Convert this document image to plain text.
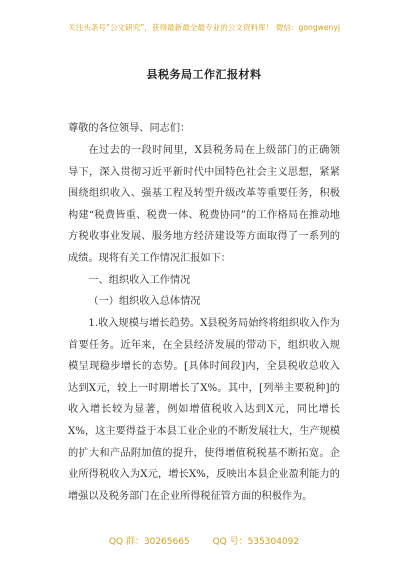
关注头条号“公文研究”，获得最新最全最专业的公文资料库！ 微信：gongwenyj
县税务局工作汇报材料
尊敬的各位领导、同志们：
在过去的一段时间里，X县税务局在上级部门的正确领导下，深入贯彻习近平新时代中国特色社会主义思想，紧紧围绕组织收入、强基工程及转型升级改革等重要任务，积极构建“税费皆重、税费一体、税费协同”的工作格局在推动地方税收事业发展、服务地方经济建设等方面取得了一系列的成绩。现将有关工作情况汇报如下：
一、组织收入工作情况
（一）组织收入总体情况
1.收入规模与增长趋势。X县税务局始终将组织收入作为首要任务。近年来，在全县经济发展的带动下，组织收入规模呈现稳步增长的态势。[具体时间段]内，全县税收总收入达到X元，较上一时期增长了X%。其中，[列举主要税种]的收入增长较为显著，例如增值税收入达到X元，同比增长X%，这主要得益于本县工业企业的不断发展壮大，生产规模的扩大和产品附加值的提升，使得增值税税基不断拓宽。企业所得税收入为X元，增长X%，反映出本县企业盈利能力的增强以及税务部门在企业所得税征管方面的积极作为。
QQ 群：30265665        QQ 号：535304092
